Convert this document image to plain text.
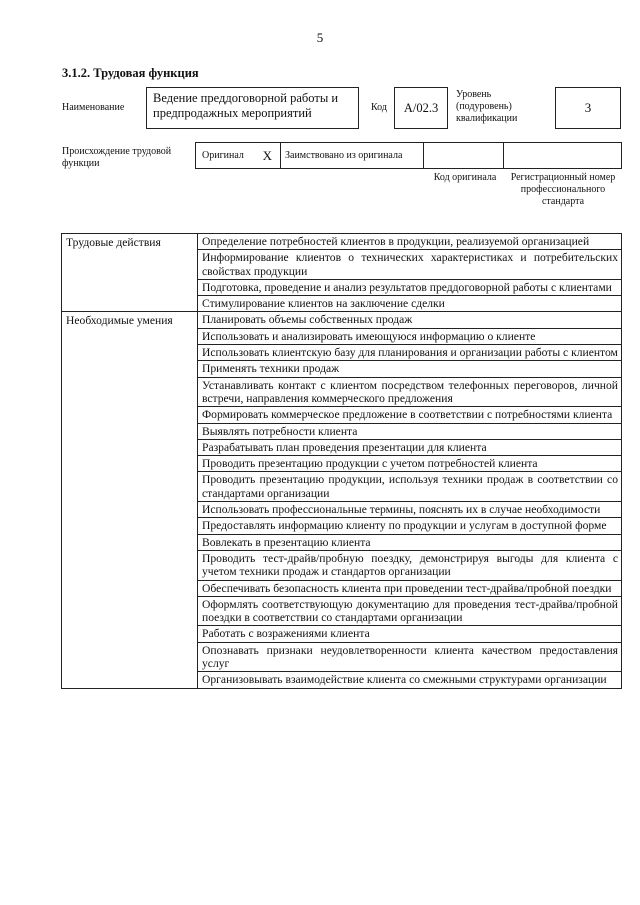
5
3.1.2. Трудовая функция
Наименование
Ведение преддоговорной работы и предпродажных мероприятий	Код А/02.3
Уровень (подуровень) квалификации
3
Происхождение трудовой функции
Оригинал X Заимствовано из оригинала
Код оригинала	Регистрационный номер профессионального стандарта
Трудовые действия	Определение потребностей клиентов в продукции, реализуемой организацией
	Информирование клиентов о технических характеристиках и потребительских свойствах продукции
	Подготовка, проведение и анализ результатов преддоговорной работы с клиентами
	Стимулирование клиентов на заключение сделки
Необходимые умения	Планировать объемы собственных продаж
	Использовать и анализировать имеющуюся информацию о клиенте
	Использовать клиентскую базу для планирования и организации работы с клиентом
	Применять техники продаж
	Устанавливать контакт с клиентом посредством телефонных переговоров, личной встречи, направления коммерческого предложения
	Формировать коммерческое предложение в соответствии с потребностями клиента
	Выявлять потребности клиента
	Разрабатывать план проведения презентации для клиента
	Проводить презентацию продукции с учетом потребностей клиента
	Проводить презентацию продукции, используя техники продаж в соответствии со стандартами организации
	Использовать профессиональные термины, пояснять их в случае необходимости
	Предоставлять информацию клиенту по продукции и услугам в доступной форме
	Вовлекать в презентацию клиента
	Проводить тест-драйв/пробную поездку, демонстрируя выгоды для клиента с учетом техники продаж и стандартов организации
	Обеспечивать безопасность клиента при проведении тест-драйва/пробной поездки
	Оформлять соответствующую документацию для проведения тест-драйва/пробной поездки в соответствии со стандартами организации
	Работать с возражениями клиента
	Опознавать признаки неудовлетворенности клиента качеством предоставления услуг
	Организовывать взаимодействие клиента со смежными структурами организации
